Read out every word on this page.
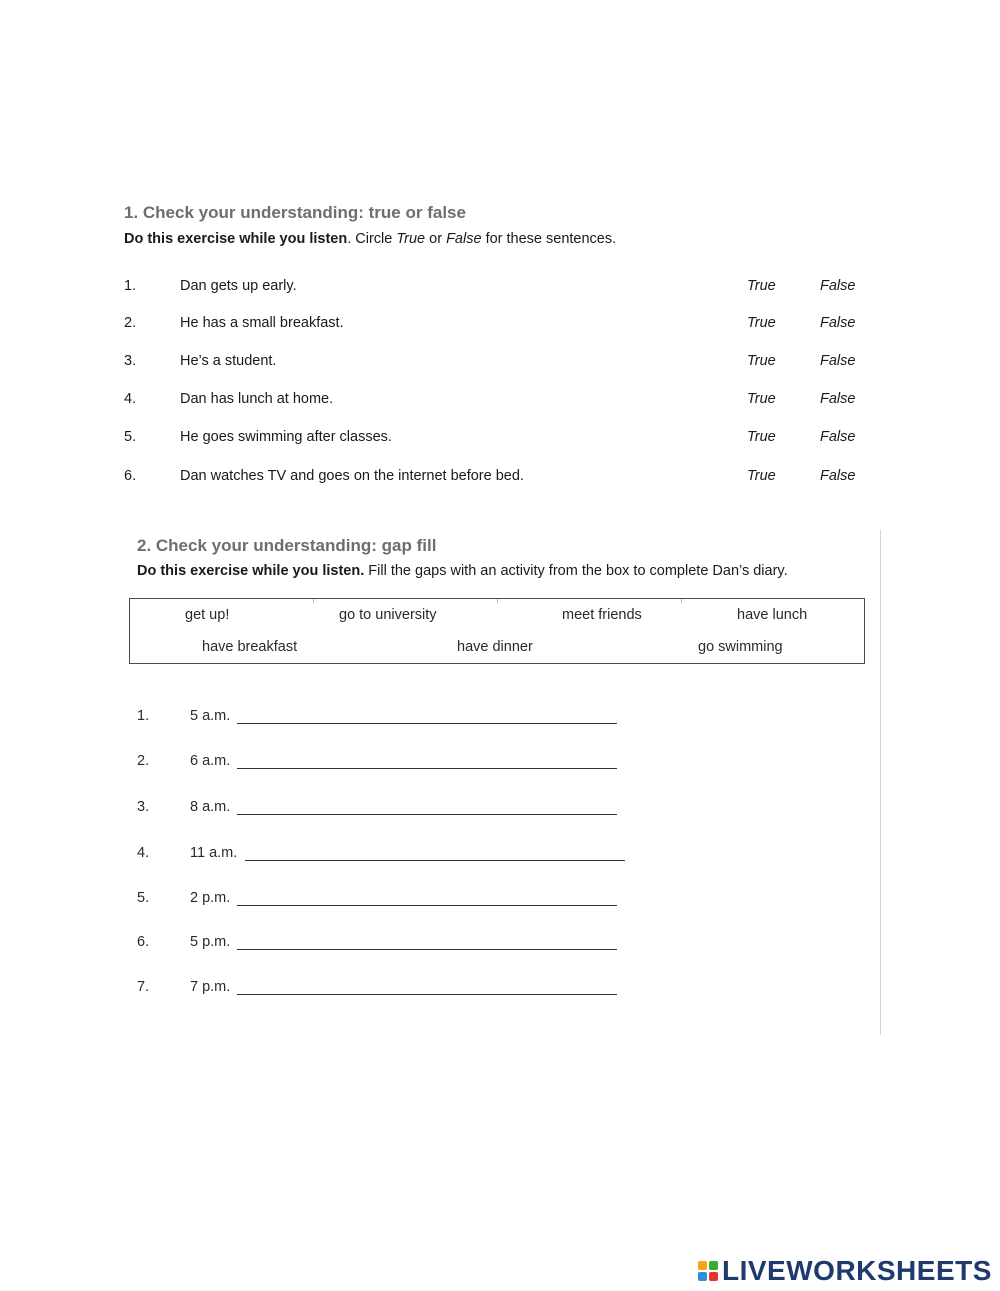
1. Check your understanding: true or false
Do this exercise while you listen. Circle True or False for these sentences.
1.	Dan gets up early.	True	False
2.	He has a small breakfast.	True	False
3.	He’s a student.	True	False
4.	Dan has lunch at home.	True	False
5.	He goes swimming after classes.	True	False
6.	Dan watches TV and goes on the internet before bed.	True	False
2. Check your understanding: gap fill
Do this exercise while you listen. Fill the gaps with an activity from the box to complete Dan’s diary.
get up!	go to university	meet friends	have lunch
have breakfast	have dinner	go swimming
1.	5 a.m.
2.	6 a.m.
3.	8 a.m.
4.	11 a.m.
5.	2 p.m.
6.	5 p.m.
7.	7 p.m.
LIVEWORKSHEETS
